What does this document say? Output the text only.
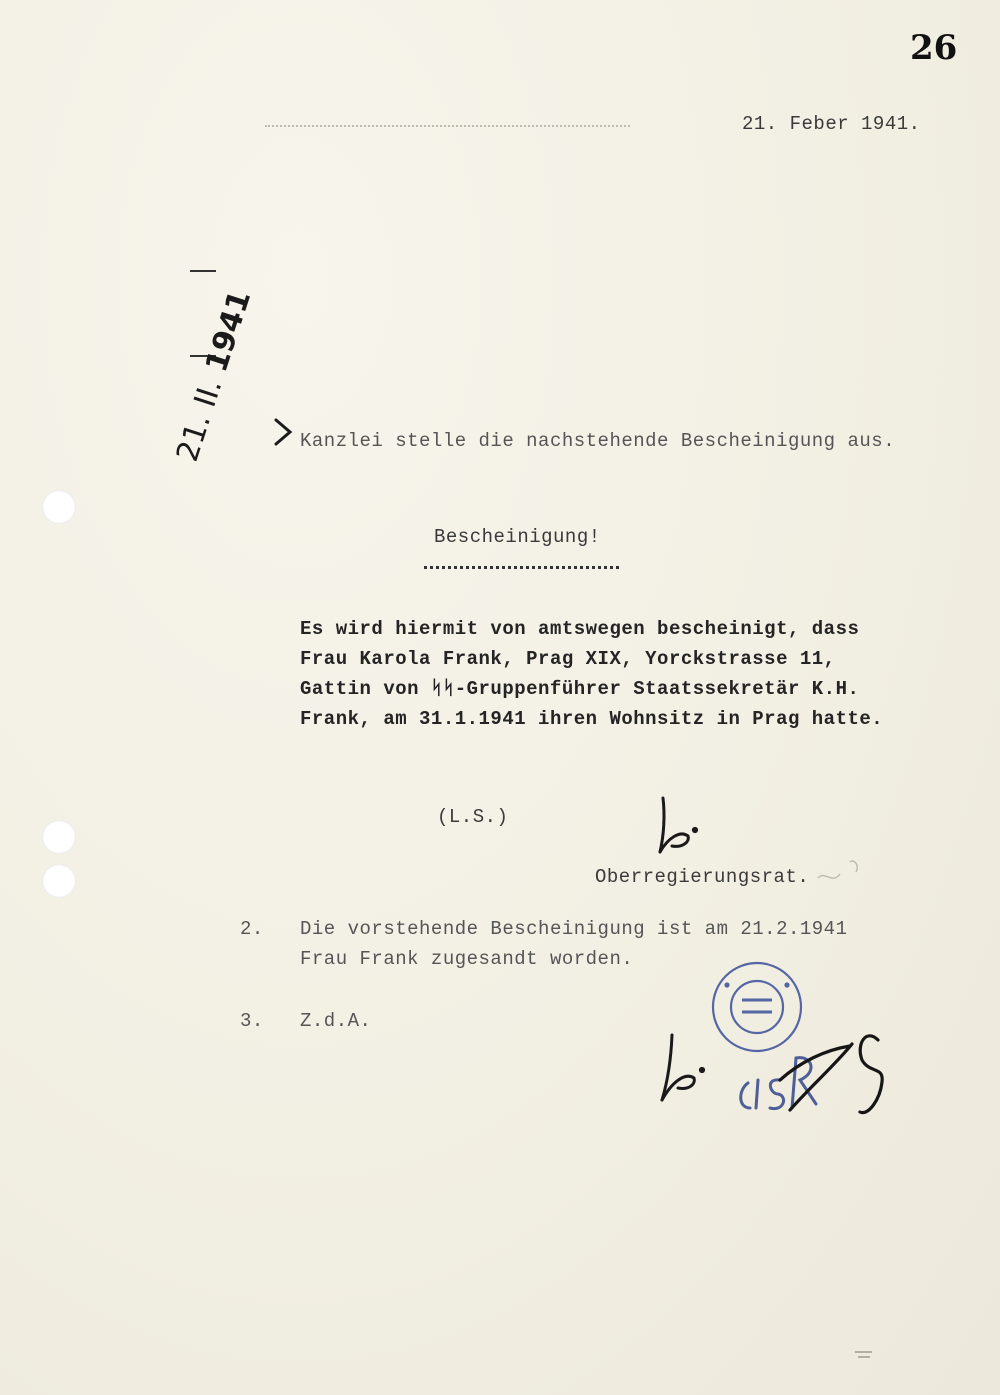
26
21. Feber 1941.
21. II. 1941
Kanzlei stelle die nachstehende Bescheinigung aus.
Bescheinigung!
Es wird hiermit von amtswegen bescheinigt, dass
Frau Karola Frank, Prag XIX, Yorckstrasse 11,
Gattin von ᛋᛋ-Gruppenführer Staatssekretär K.H.
Frank, am 31.1.1941 ihren Wohnsitz in Prag hatte.
(L.S.)
Oberregierungsrat.
2. Die vorstehende Bescheinigung ist am 21.2.1941
Frau Frank zugesandt worden.
3. Z.d.A.
